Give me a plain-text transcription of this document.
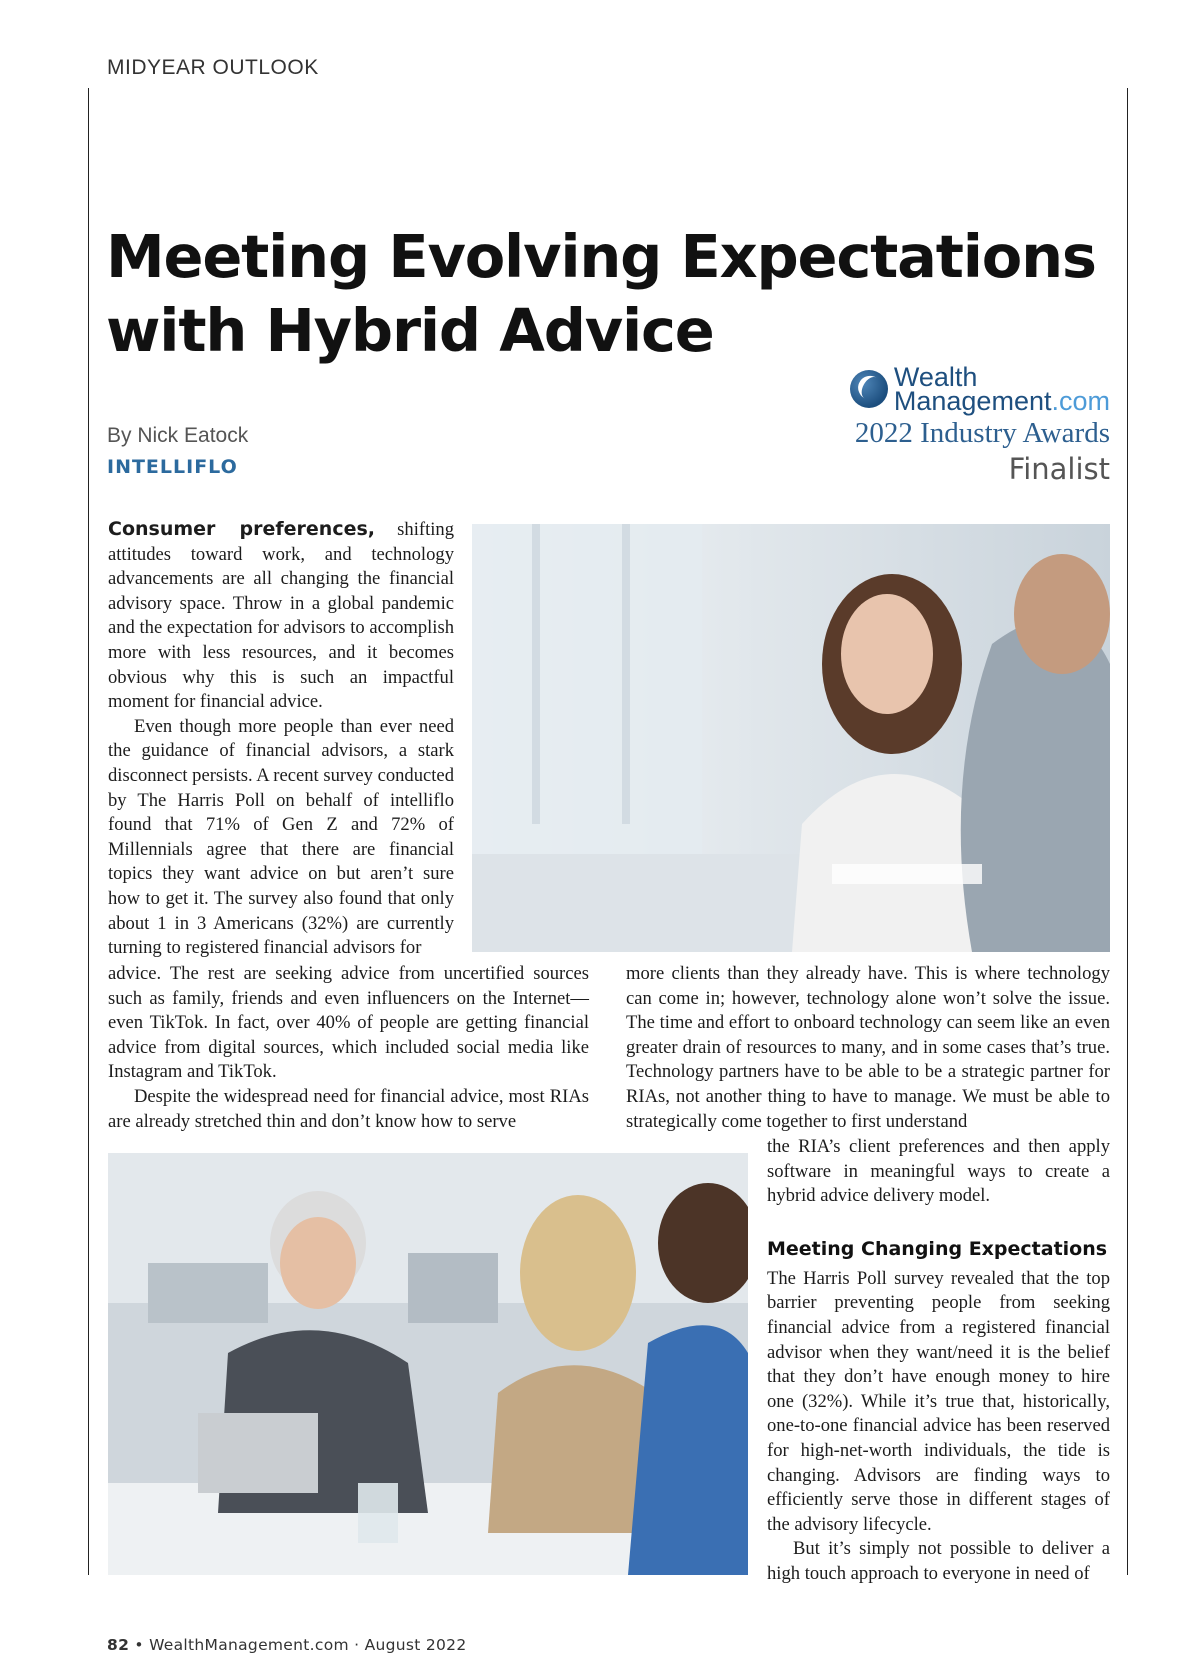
MIDYEAR OUTLOOK
Meeting Evolving Expectations with Hybrid Advice
By Nick Eatock
INTELLIFLO
Wealth
Management.com
2022 Industry Awards
Finalist

Consumer preferences, shifting attitudes toward work, and technology advancements are all changing the financial advisory space. Throw in a global pandemic and the expectation for advisors to accomplish more with less resources, and it becomes obvious why this is such an impactful moment for financial advice.

Even though more people than ever need the guidance of financial advisors, a stark disconnect persists. A recent survey conducted by The Harris Poll on behalf of intelliflo found that 71% of Gen Z and 72% of Millennials agree that there are financial topics they want advice on but aren’t sure how to get it. The survey also found that only about 1 in 3 Americans (32%) are currently turning to registered financial advisors for

advice. The rest are seeking advice from uncertified sources such as family, friends and even influencers on the Internet—even TikTok. In fact, over 40% of people are getting financial advice from digital sources, which included social media like Instagram and TikTok.

Despite the widespread need for financial advice, most RIAs are already stretched thin and don’t know how to serve

more clients than they already have. This is where technology can come in; however, technology alone won’t solve the issue. The time and effort to onboard technology can seem like an even greater drain of resources to many, and in some cases that’s true. Technology partners have to be able to be a strategic partner for RIAs, not another thing to have to manage. We must be able to strategically come together to first understand

the RIA’s client preferences and then apply software in meaningful ways to create a hybrid advice delivery model.

Meeting Changing Expectations

The Harris Poll survey revealed that the top barrier preventing people from seeking financial advice from a registered financial advisor when they want/need it is the belief that they don’t have enough money to hire one (32%). While it’s true that, historically, one-to-one financial advice has been reserved for high-net-worth individuals, the tide is changing. Advisors are finding ways to efficiently serve those in different stages of the advisory lifecycle.

But it’s simply not possible to deliver a high touch approach to everyone in need of

82 • WealthManagement.com · August 2022
